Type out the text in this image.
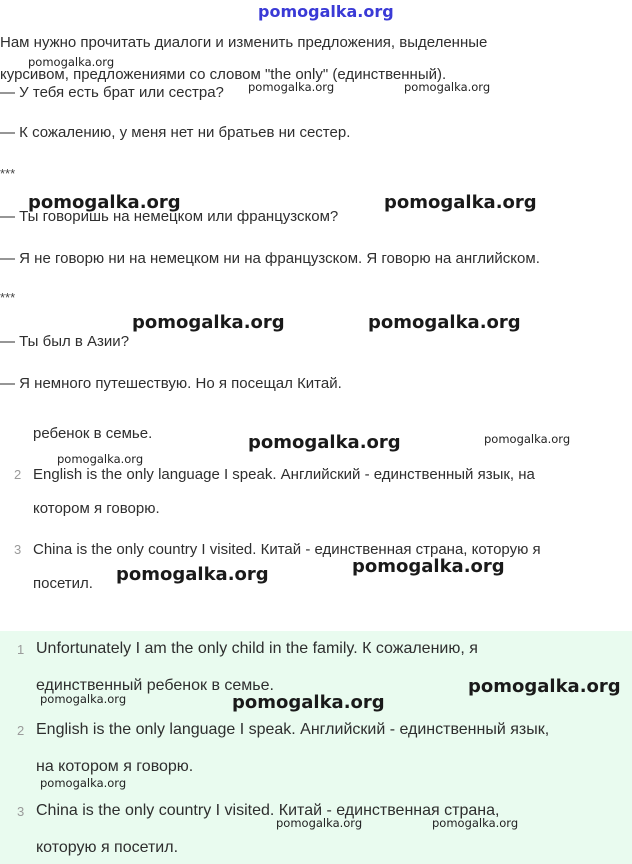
pomogalka.org
Нам нужно прочитать диалоги и изменить предложения, выделенные
курсивом, предложениями со словом "the only" (единственный).
— У тебя есть брат или сестра?
— К сожалению, у меня нет ни братьев ни сестер.
***
— Ты говоришь на немецком или французском?
— Я не говорю ни на немецком ни на французском. Я говорю на английском.
***
— Ты был в Азии?
— Я немного путешествую. Но я посещал Китай.
ребенок в семье.
2 English is the only language I speak. Английский - единственный язык, на
котором я говорю.
3 China is the only country I visited. Китай - единственная страна, которую я
посетил.
1 Unfortunately I am the only child in the family. К сожалению, я
единственный ребенок в семье.
2 English is the only language I speak. Английский - единственный язык,
на котором я говорю.
3 China is the only country I visited. Китай - единственная страна,
которую я посетил.
pomogalka.org
pomogalka.org	pomogalka.org
pomogalka.org	pomogalka.org
pomogalka.org	pomogalka.org
pomogalka.org	pomogalka.org
pomogalka.org
pomogalka.org
pomogalka.org
pomogalka.org
pomogalka.org	pomogalka.org
pomogalka.org
pomogalka.org	pomogalka.org
